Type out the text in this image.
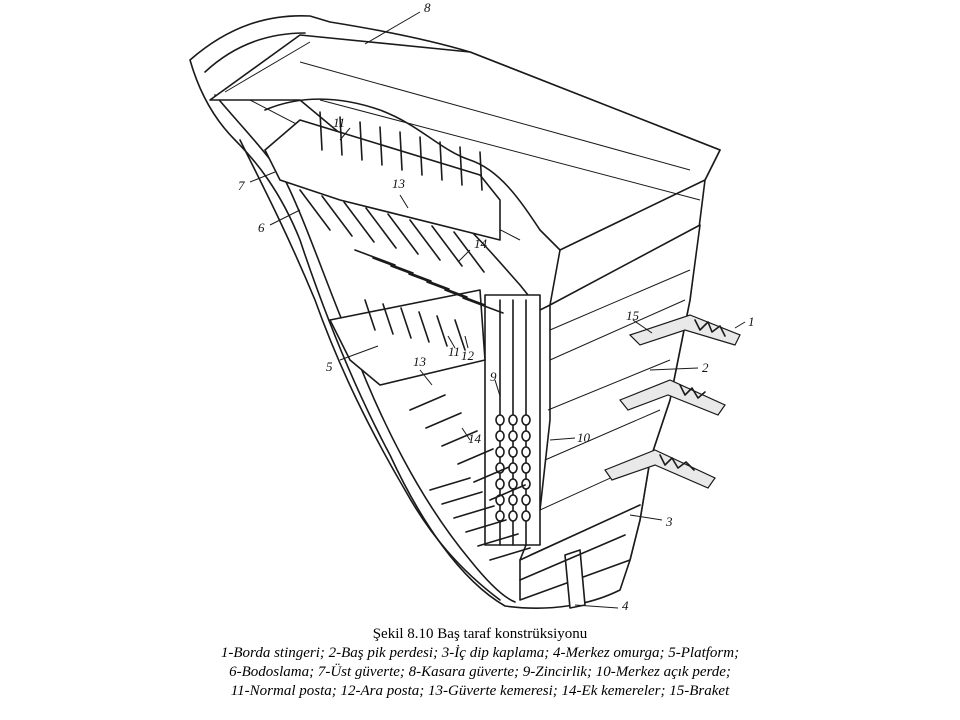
1
2
3
4
5
6
7
8
9
10
11
11 12
13
13
14
14
15
Şekil 8.10 Baş taraf konstrüksiyonu
1-Borda stingeri; 2-Baş pik perdesi; 3-İç dip kaplama; 4-Merkez omurga; 5-Platform;
6-Bodoslama; 7-Üst güverte; 8-Kasara güverte; 9-Zincirlik; 10-Merkez açık perde;
11-Normal posta; 12-Ara posta; 13-Güverte kemeresi; 14-Ek kemereler; 15-Braket
